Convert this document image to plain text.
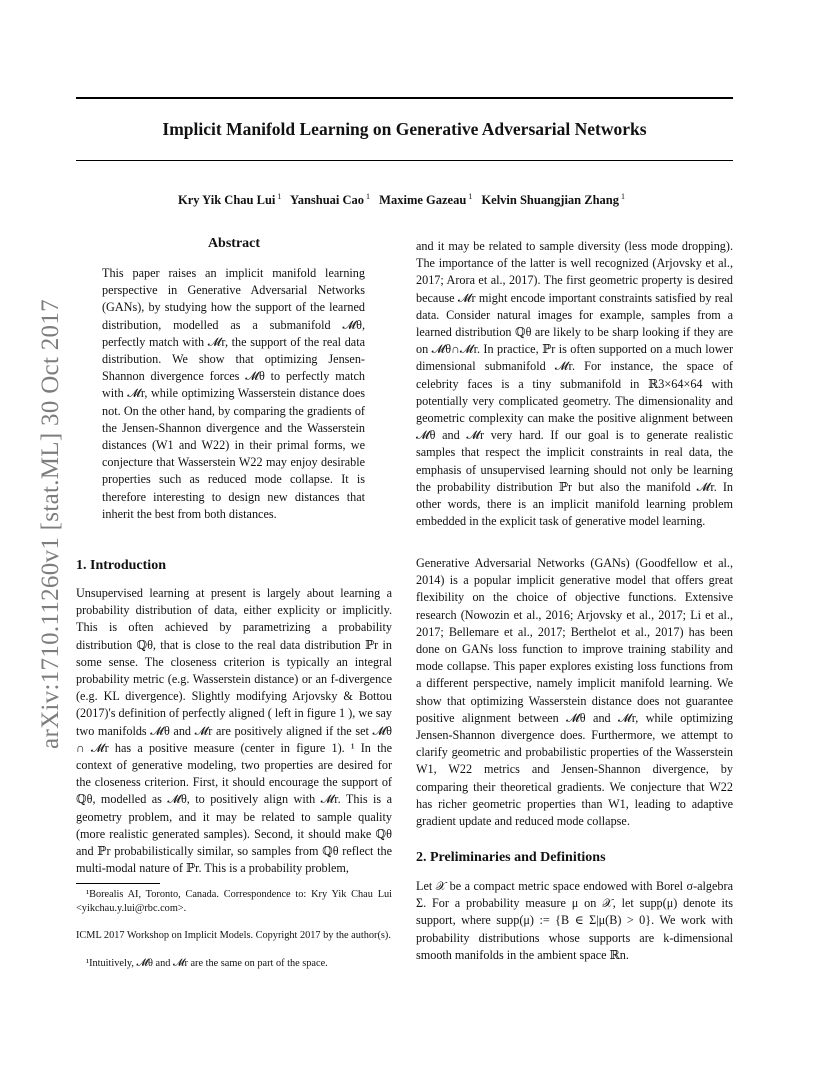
Implicit Manifold Learning on Generative Adversarial Networks
Kry Yik Chau Lui $^1$ Yanshuai Cao $^1$ Maxime Gazeau $^1$ Kelvin Shuangjian Zhang $^1$
arXiv:1710.11260v1 [stat.ML] 30 Oct 2017
Abstract

This paper raises an implicit manifold learning perspective in Generative Adversarial Networks (GANs), by studying how the support of the learned distribution, modelled as a submanifold 𝓜θ, perfectly match with 𝓜r, the support of the real data distribution. We show that optimizing Jensen-Shannon divergence forces 𝓜θ to perfectly match with 𝓜r, while optimizing Wasserstein distance does not. On the other hand, by comparing the gradients of the Jensen-Shannon divergence and the Wasserstein distances (W1 and W22) in their primal forms, we conjecture that Wasserstein W22 may enjoy desirable properties such as reduced mode collapse. It is therefore interesting to design new distances that inherit the best from both distances.

1. Introduction

Unsupervised learning at present is largely about learning a probability distribution of data, either explicity or implicitly. This is often achieved by parametrizing a probability distribution ℚθ, that is close to the real data distribution ℙr in some sense. The closeness criterion is typically an integral probability metric (e.g. Wasserstein distance) or an f-divergence (e.g. KL divergence). Slightly modifying Arjovsky & Bottou (2017)'s definition of perfectly aligned ( left in figure 1 ), we say two manifolds 𝓜θ and 𝓜r are positively aligned if the set 𝓜θ ∩ 𝓜r has a positive measure (center in figure 1). ¹ In the context of generative modeling, two properties are desired for the closeness criterion. First, it should encourage the support of ℚθ, modelled as 𝓜θ, to positively align with 𝓜r. This is a geometry problem, and it may be related to sample quality (more realistic generated samples). Second, it should make ℚθ and ℙr probabilistically similar, so samples from ℚθ reflect the multi-modal nature of ℙr. This is a probability problem,

¹Borealis AI, Toronto, Canada. Correspondence to: Kry Yik Chau Lui <yikchau.y.lui@rbc.com>.

ICML 2017 Workshop on Implicit Models. Copyright 2017 by the author(s).

¹Intuitively, 𝓜θ and 𝓜r are the same on part of the space.

and it may be related to sample diversity (less mode dropping). The importance of the latter is well recognized (Arjovsky et al., 2017; Arora et al., 2017). The first geometric property is desired because 𝓜r might encode important constraints satisfied by real data. Consider natural images for example, samples from a learned distribution ℚθ are likely to be sharp looking if they are on 𝓜θ∩𝓜r. In practice, ℙr is often supported on a much lower dimensional submanifold 𝓜r. For instance, the space of celebrity faces is a tiny submanifold in ℝ3×64×64 with potentially very complicated geometry. The dimensionality and geometric complexity can make the positive alignment between 𝓜θ and 𝓜r very hard. If our goal is to generate realistic samples that respect the implicit constraints in real data, the emphasis of unsupervised learning should not only be learning the probability distribution ℙr but also the manifold 𝓜r. In other words, there is an implicit manifold learning problem embedded in the explicit task of generative model learning.

Generative Adversarial Networks (GANs) (Goodfellow et al., 2014) is a popular implicit generative model that offers great flexibility on the choice of objective functions. Extensive research (Nowozin et al., 2016; Arjovsky et al., 2017; Li et al., 2017; Bellemare et al., 2017; Berthelot et al., 2017) has been done on GANs loss function to improve training stability and mode collapse. This paper explores existing loss functions from a different perspective, namely implicit manifold learning. We show that optimizing Wasserstein distance does not guarantee positive alignment between 𝓜θ and 𝓜r, while optimizing Jensen-Shannon divergence does. Furthermore, we attempt to clarify geometric and probabilistic properties of the Wasserstein W1, W22 metrics and Jensen-Shannon divergence, by comparing their theoretical gradients. We conjecture that W22 has richer geometric properties than W1, leading to adaptive gradient update and reduced mode collapse.

2. Preliminaries and Definitions

Let 𝒳 be a compact metric space endowed with Borel σ-algebra Σ. For a probability measure μ on 𝒳, let supp(μ) denote its support, where supp(μ) := {B ∈ Σ|μ(B) > 0}. We work with probability distributions whose supports are k-dimensional smooth manifolds in the ambient space ℝn.
